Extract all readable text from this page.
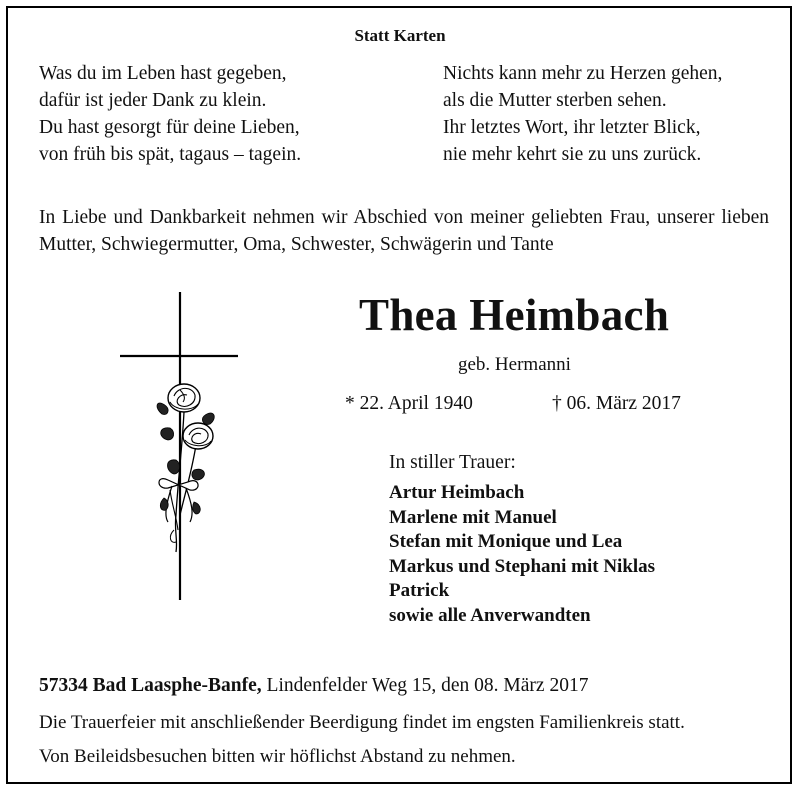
Statt Karten
Was du im Leben hast gegeben,
dafür ist jeder Dank zu klein.
Du hast gesorgt für deine Lieben,
von früh bis spät, tagaus – tagein.
Nichts kann mehr zu Herzen gehen,
als die Mutter sterben sehen.
Ihr letztes Wort, ihr letzter Blick,
nie mehr kehrt sie zu uns zurück.
In Liebe und Dankbarkeit nehmen wir Abschied von meiner geliebten Frau, unserer lieben Mutter, Schwiegermutter, Oma, Schwester, Schwägerin und Tante
Thea Heimbach
geb. Hermanni
* 22. April 1940	† 06. März 2017
In stiller Trauer:
Artur Heimbach
Marlene mit Manuel
Stefan mit Monique und Lea
Markus und Stephani mit Niklas
Patrick
sowie alle Anverwandten
57334 Bad Laasphe-Banfe, Lindenfelder Weg 15, den 08. März 2017
Die Trauerfeier mit anschließender Beerdigung findet im engsten Familienkreis statt.
Von Beileidsbesuchen bitten wir höflichst Abstand zu nehmen.
